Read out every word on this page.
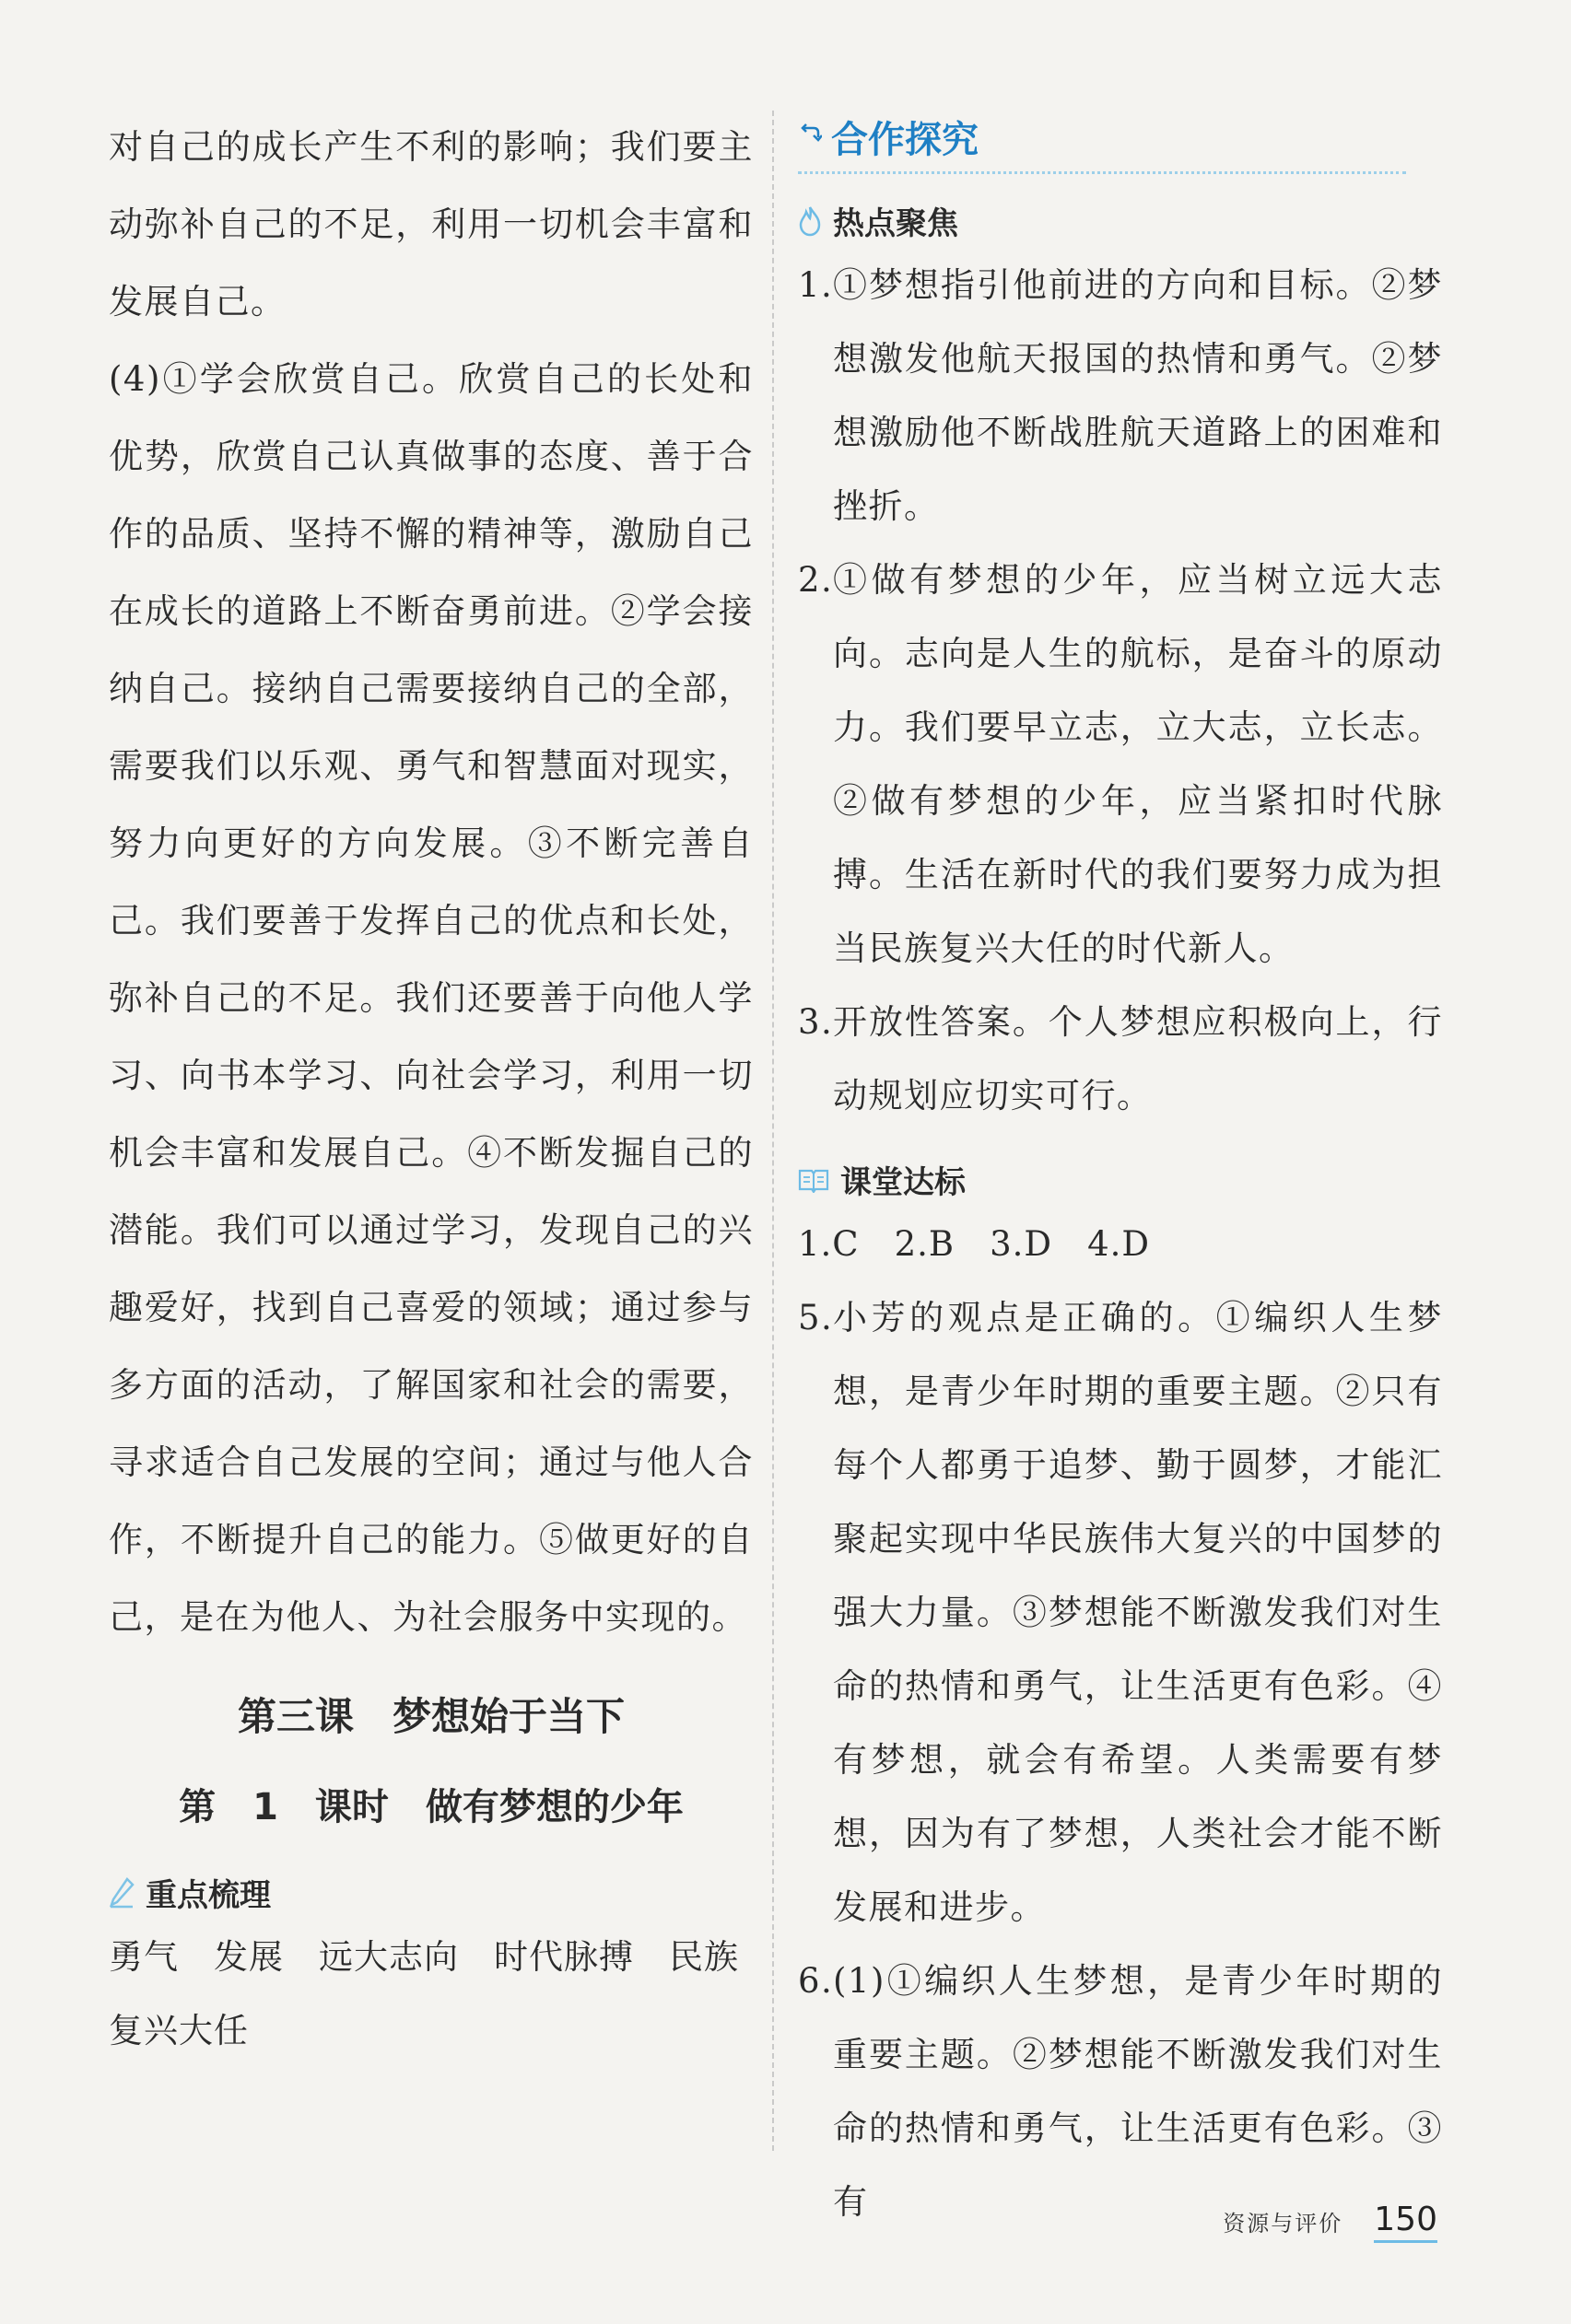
对自己的成长产生不利的影响；我们要主动弥补自己的不足，利用一切机会丰富和发展自己。

(4)①学会欣赏自己。欣赏自己的长处和优势，欣赏自己认真做事的态度、善于合作的品质、坚持不懈的精神等，激励自己在成长的道路上不断奋勇前进。②学会接纳自己。接纳自己需要接纳自己的全部，需要我们以乐观、勇气和智慧面对现实，努力向更好的方向发展。③不断完善自己。我们要善于发挥自己的优点和长处，弥补自己的不足。我们还要善于向他人学习、向书本学习、向社会学习，利用一切机会丰富和发展自己。④不断发掘自己的潜能。我们可以通过学习，发现自己的兴趣爱好，找到自己喜爱的领域；通过参与多方面的活动，了解国家和社会的需要，寻求适合自己发展的空间；通过与他人合作，不断提升自己的能力。⑤做更好的自己，是在为他人、为社会服务中实现的。

第三课　梦想始于当下
第 1 课时　做有梦想的少年
重点梳理

勇气　发展　远大志向　时代脉搏　民族复兴大任

合作探究
热点聚焦
1. ①梦想指引他前进的方向和目标。②梦想激发他航天报国的热情和勇气。②梦想激励他不断战胜航天道路上的困难和挫折。
2. ①做有梦想的少年，应当树立远大志向。志向是人生的航标，是奋斗的原动力。我们要早立志，立大志，立长志。②做有梦想的少年，应当紧扣时代脉搏。生活在新时代的我们要努力成为担当民族复兴大任的时代新人。
3. 开放性答案。个人梦想应积极向上，行动规划应切实可行。
课堂达标

1.C　2.B　3.D　4.D

5. 小芳的观点是正确的。①编织人生梦想，是青少年时期的重要主题。②只有每个人都勇于追梦、勤于圆梦，才能汇聚起实现中华民族伟大复兴的中国梦的强大力量。③梦想能不断激发我们对生命的热情和勇气，让生活更有色彩。④有梦想，就会有希望。人类需要有梦想，因为有了梦想，人类社会才能不断发展和进步。
6. (1)①编织人生梦想，是青少年时期的重要主题。②梦想能不断激发我们对生命的热情和勇气，让生活更有色彩。③有
资源与评价 150
